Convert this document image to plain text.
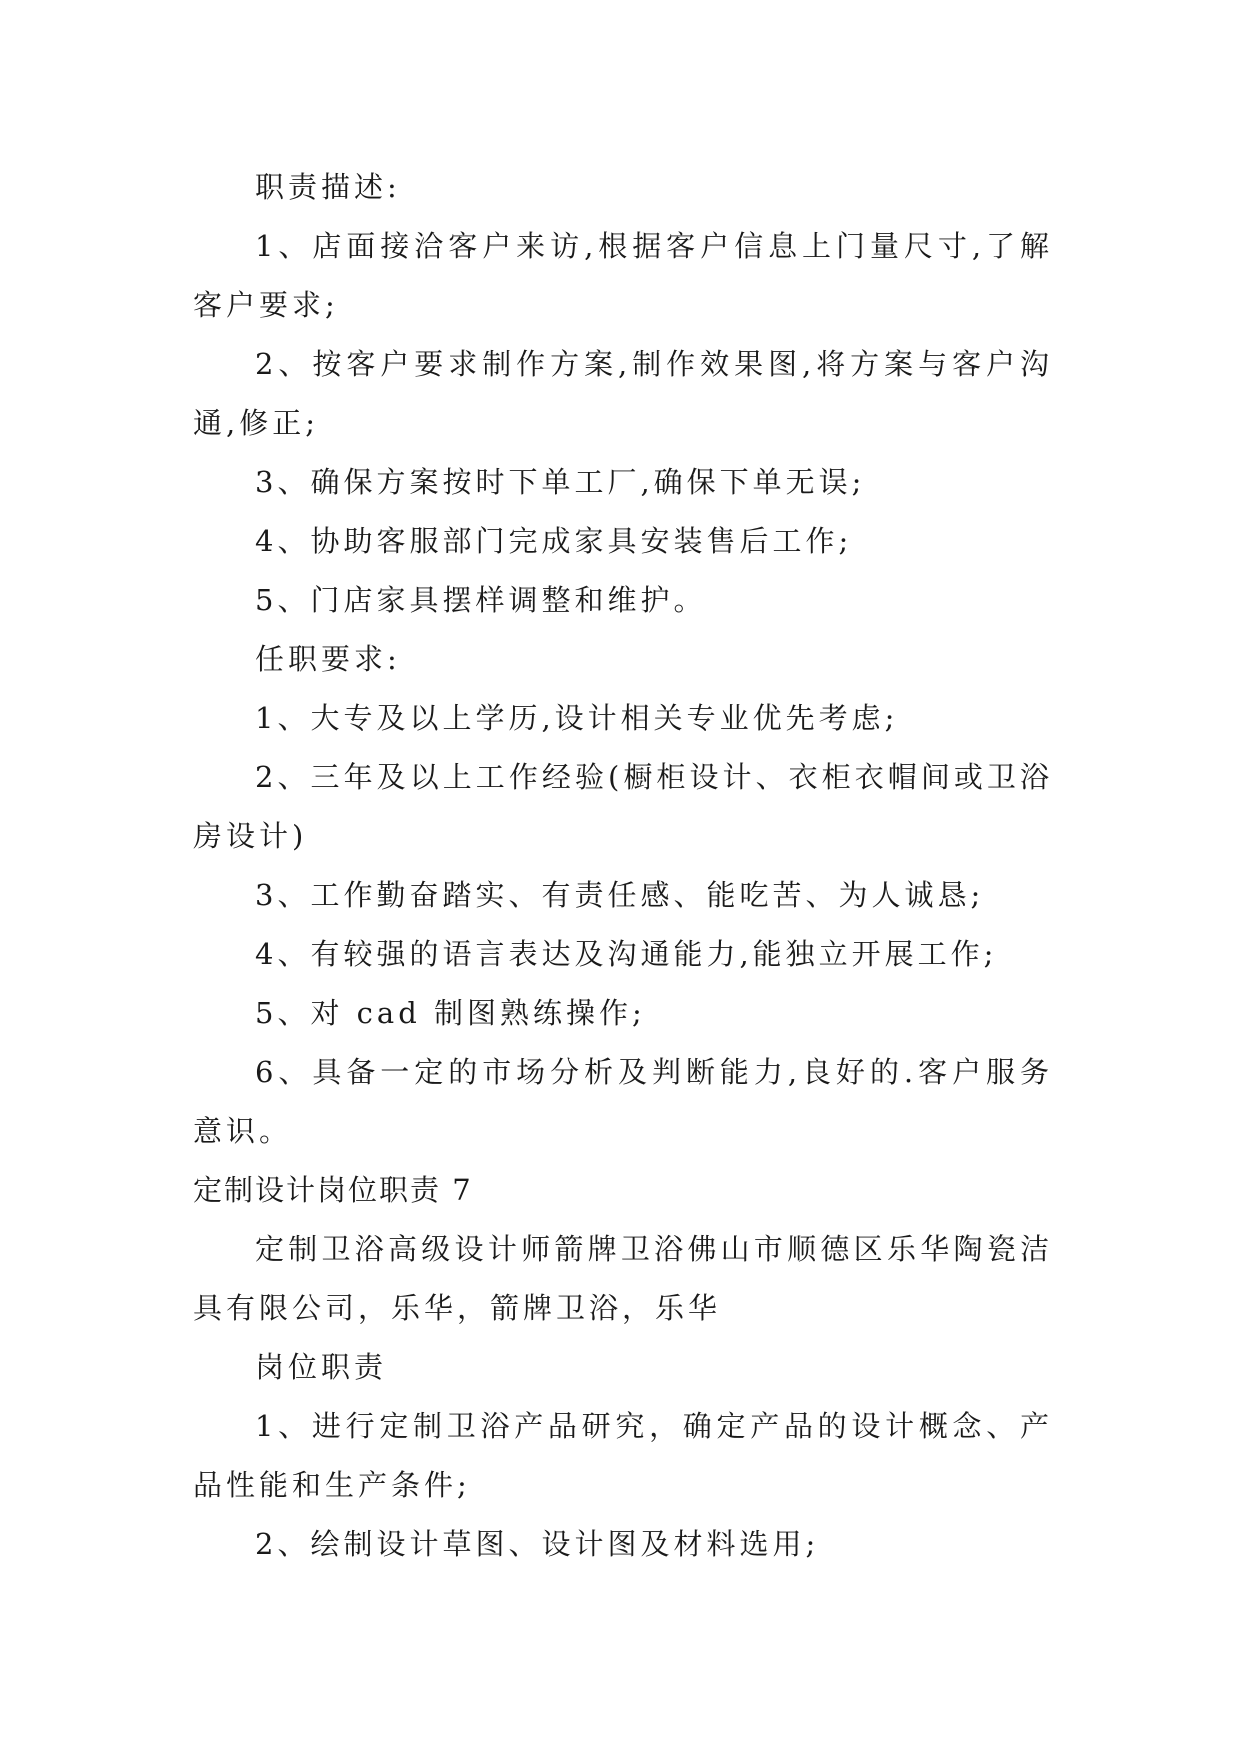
职责描述:

1、店面接洽客户来访,根据客户信息上门量尺寸,了解客户要求;

2、按客户要求制作方案,制作效果图,将方案与客户沟通,修正;

3、确保方案按时下单工厂,确保下单无误;

4、协助客服部门完成家具安装售后工作;

5、门店家具摆样调整和维护。

任职要求:

1、大专及以上学历,设计相关专业优先考虑;

2、三年及以上工作经验(橱柜设计、衣柜衣帽间或卫浴房设计)

3、工作勤奋踏实、有责任感、能吃苦、为人诚恳;

4、有较强的语言表达及沟通能力,能独立开展工作;

5、对 cad 制图熟练操作;

6、具备一定的市场分析及判断能力,良好的.客户服务意识。

定制设计岗位职责 7

定制卫浴高级设计师箭牌卫浴佛山市顺德区乐华陶瓷洁具有限公司，乐华，箭牌卫浴，乐华

岗位职责

1、进行定制卫浴产品研究，确定产品的设计概念、产品性能和生产条件;

2、绘制设计草图、设计图及材料选用;
